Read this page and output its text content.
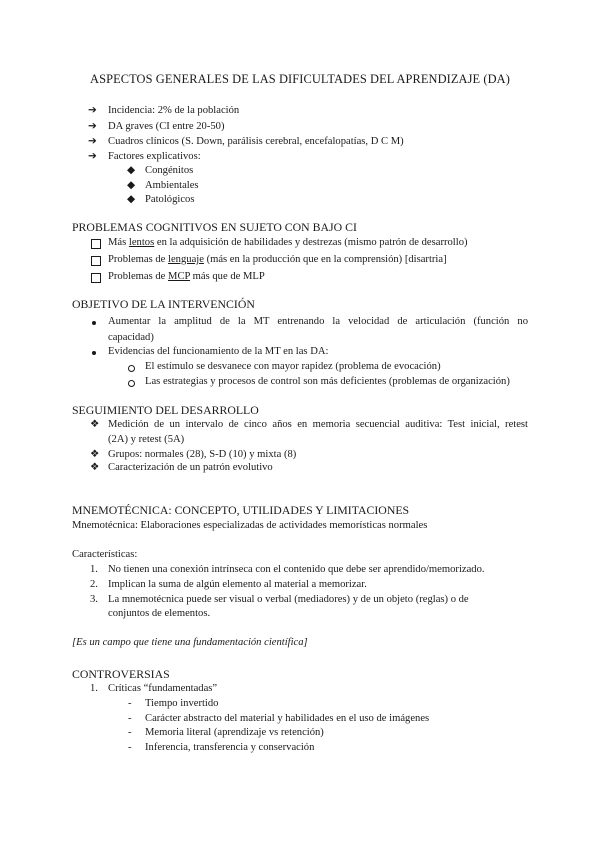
ASPECTOS GENERALES DE LAS DIFICULTADES DEL APRENDIZAJE (DA)
➔ Incidencia: 2% de la población
➔ DA graves (CI entre 20-50)
➔ Cuadros clínicos (S. Down, parálisis cerebral, encefalopatías, D C M)
➔ Factores explicativos:
◆ Congénitos
◆ Ambientales
◆ Patológicos
PROBLEMAS COGNITIVOS EN SUJETO CON BAJO CI
Más lentos en la adquisición de habilidades y destrezas (mismo patrón de desarrollo)
Problemas de lenguaje (más en la producción que en la comprensión) [disartria]
Problemas de MCP más que de MLP
OBJETIVO DE LA INTERVENCIÓN
Aumentar la amplitud de la MT entrenando la velocidad de articulación (función no
capacidad)
Evidencias del funcionamiento de la MT en las DA:
El estímulo se desvanece con mayor rapidez (problema de evocación)
Las estrategias y procesos de control son más deficientes (problemas de organización)
SEGUIMIENTO DEL DESARROLLO
❖ Medición de un intervalo de cinco años en memoria secuencial auditiva: Test inicial, retest
(2A) y retest (5A)
❖ Grupos: normales (28), S-D (10) y mixta (8)
❖ Caracterización de un patrón evolutivo
MNEMOTÉCNICA: CONCEPTO, UTILIDADES Y LIMITACIONES
Mnemotécnica: Elaboraciones especializadas de actividades memorísticas normales
Características:
1. No tienen una conexión intrínseca con el contenido que debe ser aprendido/memorizado.
2. Implican la suma de algún elemento al material a memorizar.
3. La mnemotécnica puede ser visual o verbal (mediadores) y de un objeto (reglas) o de
conjuntos de elementos.
[Es un campo que tiene una fundamentación científica]
CONTROVERSIAS
1. Críticas “fundamentadas”
- Tiempo invertido
- Carácter abstracto del material y habilidades en el uso de imágenes
- Memoria literal (aprendizaje vs retención)
- Inferencia, transferencia y conservación
